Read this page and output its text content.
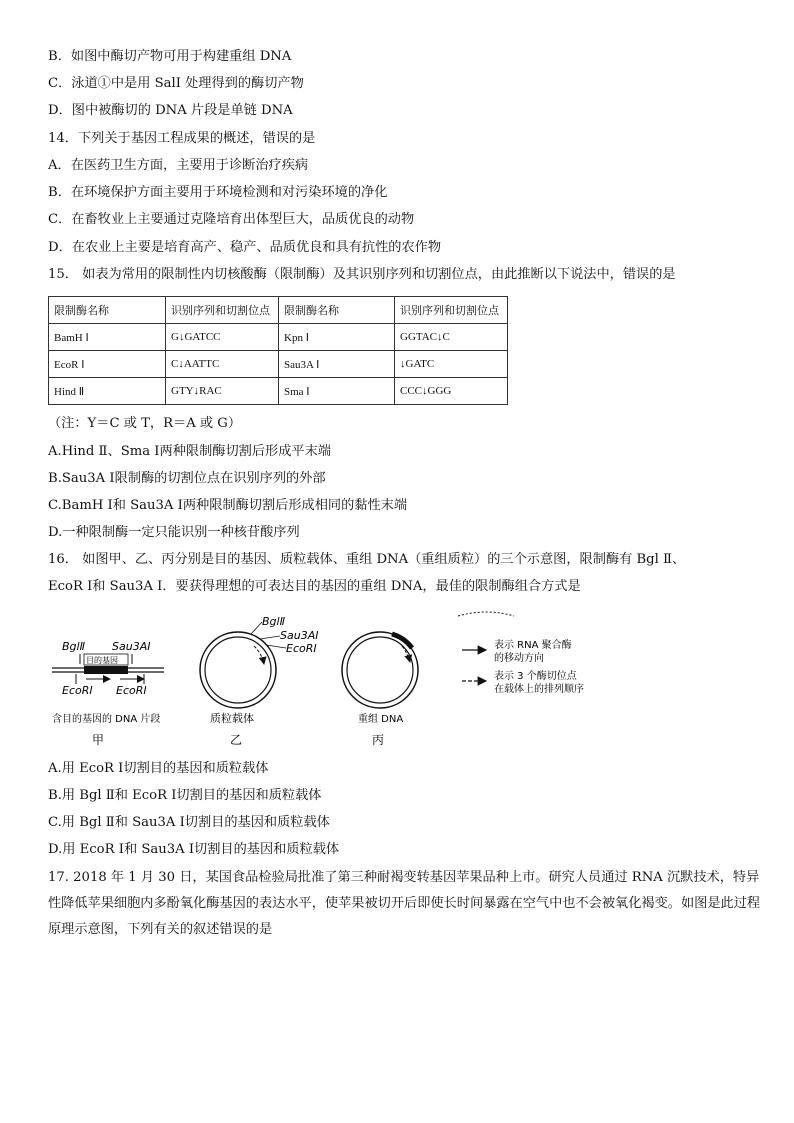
B．如图中酶切产物可用于构建重组 DNA
C．泳道①中是用 SalI 处理得到的酶切产物
D．图中被酶切的 DNA 片段是单链 DNA
14．下列关于基因工程成果的概述，错误的是
A．在医药卫生方面，主要用于诊断治疗疾病
B．在环境保护方面主要用于环境检测和对污染环境的净化
C．在畜牧业上主要通过克隆培育出体型巨大，品质优良的动物
D．在农业上主要是培育高产、稳产、品质优良和具有抗性的农作物
15． 如表为常用的限制性内切核酸酶（限制酶）及其识别序列和切割位点，由此推断以下说法中，错误的是
限制酶名称	识别序列和切割位点	限制酶名称	识别序列和切割位点
BamH Ⅰ	G↓GATCC	Kpn Ⅰ	GGTAC↓C
EcoR Ⅰ	C↓AATTC	Sau3A Ⅰ	↓GATC
Hind Ⅱ	GTY↓RAC	Sma Ⅰ	CCC↓GGG
（注：Y＝C 或 T，R＝A 或 G）
A.Hind Ⅱ、Sma Ⅰ两种限制酶切割后形成平末端
B.Sau3A Ⅰ限制酶的切割位点在识别序列的外部
C.BamH Ⅰ和 Sau3A Ⅰ两种限制酶切割后形成相同的黏性末端
D.一种限制酶一定只能识别一种核苷酸序列
16． 如图甲、乙、丙分别是目的基因、质粒载体、重组 DNA（重组质粒）的三个示意图，限制酶有 Bgl Ⅱ、
EcoR Ⅰ和 Sau3A Ⅰ．要获得理想的可表达目的基因的重组 DNA，最佳的限制酶组合方式是
BglⅡ Sau3AⅠ
目的基因
EcoRⅠ EcoRⅠ
含目的基因的 DNA 片段
甲
BglⅡ
Sau3AⅠ
EcoRⅠ
质粒载体
乙
重组 DNA
丙
表示 RNA 聚合酶
的移动方向
表示 3 个酶切位点
在载体上的排列顺序
A.用 EcoR Ⅰ切割目的基因和质粒载体
B.用 Bgl Ⅱ和 EcoR Ⅰ切割目的基因和质粒载体
C.用 Bgl Ⅱ和 Sau3A Ⅰ切割目的基因和质粒载体
D.用 EcoR Ⅰ和 Sau3A Ⅰ切割目的基因和质粒载体
17. 2018 年 1 月 30 日，某国食品检验局批准了第三种耐褐变转基因苹果品种上市。研究人员通过 RNA 沉默技术，特异性降低苹果细胞内多酚氧化酶基因的表达水平，使苹果被切开后即使长时间暴露在空气中也不会被氧化褐变。如图是此过程原理示意图，下列有关的叙述错误的是
